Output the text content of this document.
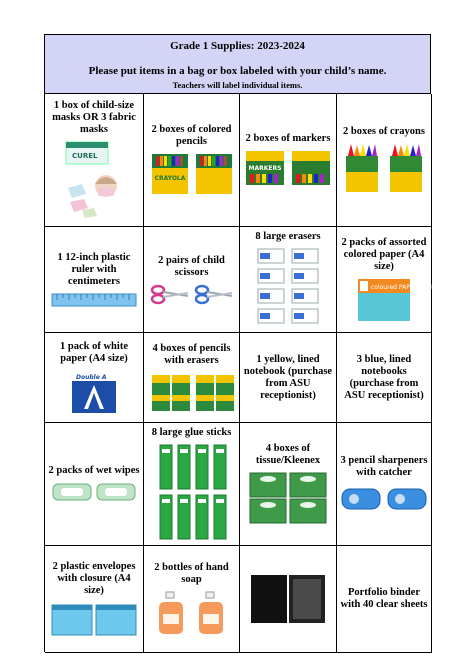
Grade 1 Supplies: 2023-2024
Please put items in a bag or box labeled with your child’s name.
Teachers will label individual items.
1 box of child-size masks OR 3 fabric masks
CUREL
2 boxes of colored pencils
CRAYOLA
2 boxes of markers
MARKERS
2 boxes of crayons
1 12-inch plastic ruler with centimeters
2 pairs of child scissors
8 large erasers 2 packs of assorted colored paper (A4 size)
coloured PAPER PACK
1 pack of white paper (A4 size)
Double A
4 boxes of pencils with erasers	1 yellow, lined notebook (purchase from ASU receptionist)
3 blue, lined notebooks (purchase from ASU receptionist)
2 packs of wet wipes
8 large glue sticks
4 boxes of tissue/Kleenex	3 pencil sharpeners with catcher
2 plastic envelopes with closure (A4 size)
2 bottles of hand soap
Portfolio binder with 40 clear sheets
